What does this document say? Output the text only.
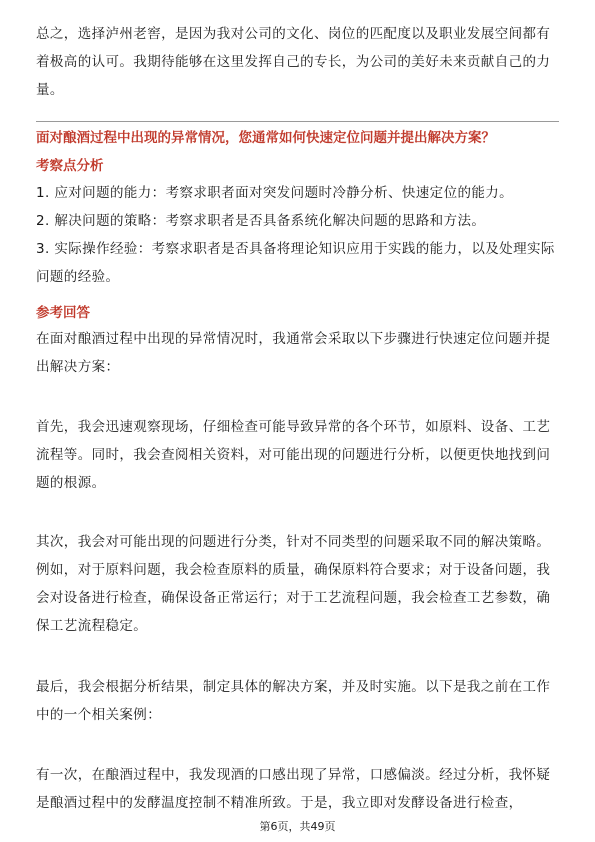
总之，选择泸州老窖，是因为我对公司的文化、岗位的匹配度以及职业发展空间都有着极高的认可。我期待能够在这里发挥自己的专长，为公司的美好未来贡献自己的力量。

面对酿酒过程中出现的异常情况，您通常如何快速定位问题并提出解决方案？

考察点分析

1. 应对问题的能力：考察求职者面对突发问题时冷静分析、快速定位的能力。

2. 解决问题的策略：考察求职者是否具备系统化解决问题的思路和方法。

3. 实际操作经验：考察求职者是否具备将理论知识应用于实践的能力，以及处理实际问题的经验。

参考回答

在面对酿酒过程中出现的异常情况时，我通常会采取以下步骤进行快速定位问题并提出解决方案：

首先，我会迅速观察现场，仔细检查可能导致异常的各个环节，如原料、设备、工艺流程等。同时，我会查阅相关资料，对可能出现的问题进行分析，以便更快地找到问题的根源。

其次，我会对可能出现的问题进行分类，针对不同类型的问题采取不同的解决策略。例如，对于原料问题，我会检查原料的质量，确保原料符合要求；对于设备问题，我会对设备进行检查，确保设备正常运行；对于工艺流程问题，我会检查工艺参数，确保工艺流程稳定。

最后，我会根据分析结果，制定具体的解决方案，并及时实施。以下是我之前在工作中的一个相关案例：

有一次，在酿酒过程中，我发现酒的口感出现了异常，口感偏淡。经过分析，我怀疑是酿酒过程中的发酵温度控制不精准所致。于是，我立即对发酵设备进行检查，

第6页，共49页
